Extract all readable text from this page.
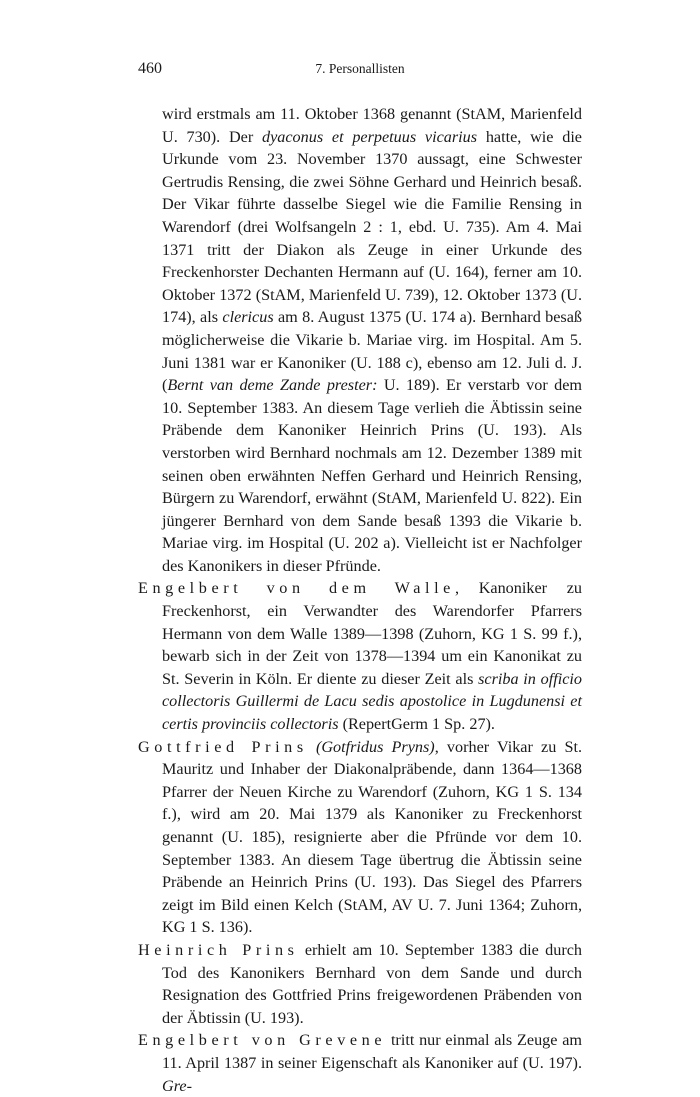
460	7. Personallisten

wird erstmals am 11. Oktober 1368 genannt (StAM, Marienfeld U. 730). Der dyaconus et perpetuus vicarius hatte, wie die Urkunde vom 23. November 1370 aussagt, eine Schwester Gertrudis Rensing, die zwei Söhne Gerhard und Heinrich besaß. Der Vikar führte dasselbe Siegel wie die Familie Rensing in Warendorf (drei Wolfsangeln 2 : 1, ebd. U. 735). Am 4. Mai 1371 tritt der Diakon als Zeuge in einer Urkunde des Freckenhorster Dechanten Hermann auf (U. 164), ferner am 10. Oktober 1372 (StAM, Marienfeld U. 739), 12. Oktober 1373 (U. 174), als clericus am 8. August 1375 (U. 174 a). Bernhard besaß möglicherweise die Vikarie b. Mariae virg. im Hospital. Am 5. Juni 1381 war er Kanoniker (U. 188 c), ebenso am 12. Juli d. J. (Bernt van deme Zande prester: U. 189). Er verstarb vor dem 10. September 1383. An diesem Tage verlieh die Äbtissin seine Präbende dem Kanoniker Heinrich Prins (U. 193). Als verstorben wird Bernhard nochmals am 12. Dezember 1389 mit seinen oben erwähnten Neffen Gerhard und Heinrich Rensing, Bürgern zu Warendorf, erwähnt (StAM, Marienfeld U. 822). Ein jüngerer Bernhard von dem Sande besaß 1393 die Vikarie b. Mariae virg. im Hospital (U. 202 a). Vielleicht ist er Nachfolger des Kanonikers in dieser Pfründe.

Engelbert von dem Walle, Kanoniker zu Freckenhorst, ein Verwandter des Warendorfer Pfarrers Hermann von dem Walle 1389—1398 (Zuhorn, KG 1 S. 99 f.), bewarb sich in der Zeit von 1378—1394 um ein Kanonikat zu St. Severin in Köln. Er diente zu dieser Zeit als scriba in officio collectoris Guillermi de Lacu sedis apostolice in Lugdunensi et certis provinciis collectoris (RepertGerm 1 Sp. 27).

Gottfried Prins (Gotfridus Pryns), vorher Vikar zu St. Mauritz und Inhaber der Diakonalpräbende, dann 1364—1368 Pfarrer der Neuen Kirche zu Warendorf (Zuhorn, KG 1 S. 134 f.), wird am 20. Mai 1379 als Kanoniker zu Freckenhorst genannt (U. 185), resignierte aber die Pfründe vor dem 10. September 1383. An diesem Tage übertrug die Äbtissin seine Präbende an Heinrich Prins (U. 193). Das Siegel des Pfarrers zeigt im Bild einen Kelch (StAM, AV U. 7. Juni 1364; Zuhorn, KG 1 S. 136).

Heinrich Prins erhielt am 10. September 1383 die durch Tod des Kanonikers Bernhard von dem Sande und durch Resignation des Gottfried Prins freigewordenen Präbenden von der Äbtissin (U. 193).

Engelbert von Grevene tritt nur einmal als Zeuge am 11. April 1387 in seiner Eigenschaft als Kanoniker auf (U. 197). Gre-
